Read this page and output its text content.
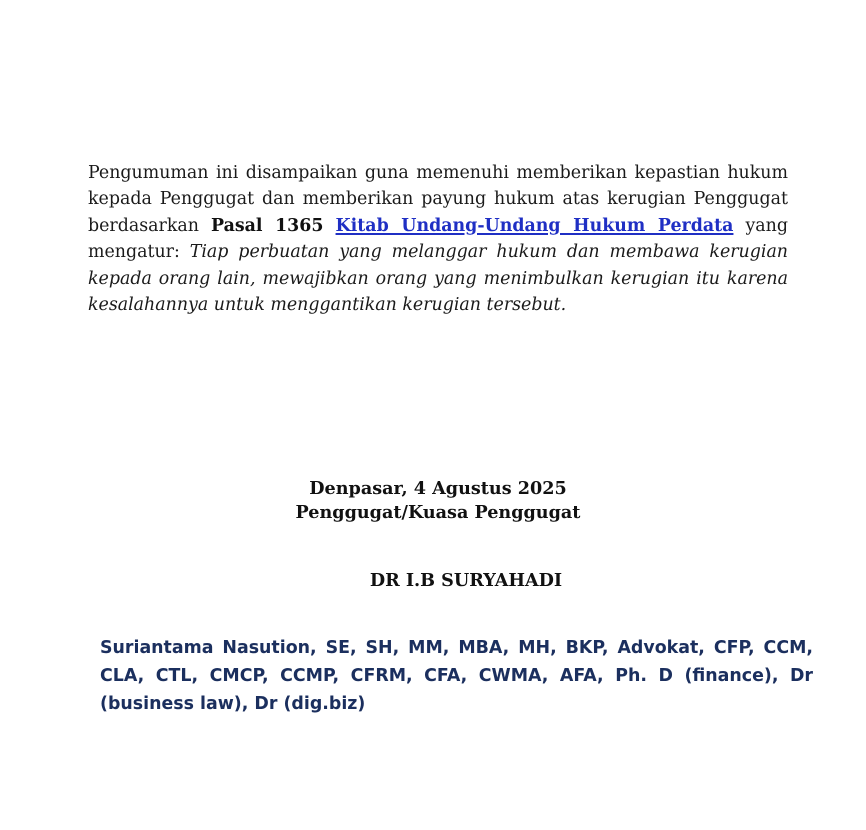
Pengumuman ini disampaikan guna memenuhi memberikan kepastian hukum kepada Penggugat dan memberikan payung hukum atas kerugian Penggugat berdasarkan Pasal 1365 Kitab Undang-Undang Hukum Perdata yang mengatur: Tiap perbuatan yang melanggar hukum dan membawa kerugian kepada orang lain, mewajibkan orang yang menimbulkan kerugian itu karena kesalahannya untuk menggantikan kerugian tersebut.

Denpasar, 4 Agustus 2025

Penggugat/Kuasa Penggugat

DR I.B SURYAHADI

Suriantama Nasution, SE, SH, MM, MBA, MH, BKP, Advokat, CFP, CCM, CLA, CTL, CMCP, CCMP, CFRM, CFA, CWMA, AFA, Ph. D (finance), Dr (business law), Dr (dig.biz)
